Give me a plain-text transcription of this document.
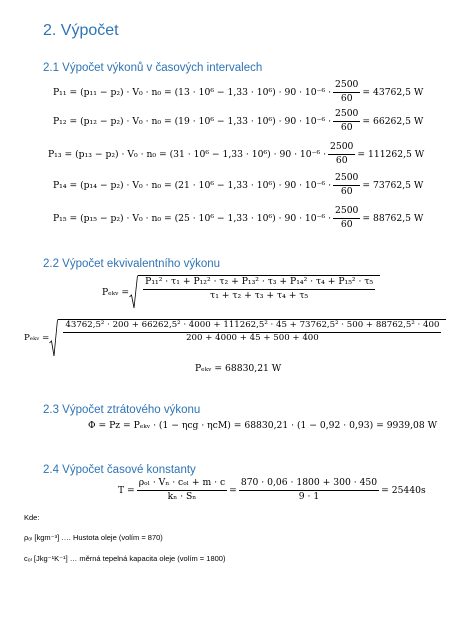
2. Výpočet
2.1 Výpočet výkonů v časových intervalech
$P_{11} = (p_{11} - p_2) \cdot V_0 \cdot n_0 = (13 \cdot 10^6 - 1,33 \cdot 10^6) \cdot 90 \cdot 10^{-6} \cdot \frac{2500}{60} = 43762,5$ W
$P_{12} = (p_{12} - p_2) \cdot V_0 \cdot n_0 = (19 \cdot 10^6 - 1,33 \cdot 10^6) \cdot 90 \cdot 10^{-6} \cdot \frac{2500}{60} = 66262,5$ W
$P_{13} = (p_{13} - p_2) \cdot V_0 \cdot n_0 = (31 \cdot 10^6 - 1,33 \cdot 10^6) \cdot 90 \cdot 10^{-6} \cdot \frac{2500}{60} = 111262,5$ W
$P_{14} = (p_{14} - p_2) \cdot V_0 \cdot n_0 = (21 \cdot 10^6 - 1,33 \cdot 10^6) \cdot 90 \cdot 10^{-6} \cdot \frac{2500}{60} = 73762,5$ W
$P_{15} = (p_{15} - p_2) \cdot V_0 \cdot n_0 = (25 \cdot 10^6 - 1,33 \cdot 10^6) \cdot 90 \cdot 10^{-6} \cdot \frac{2500}{60} = 88762,5$ W
2.2 Výpočet ekvivalentního výkonu
Pₑₖᵥ = $\frac{\text{P₁₁² · τ₁ + P₁₂² · τ₂ + P₁₃² · τ₃ + P₁₄² · τ₄ + P₁₅² · τ₅}}{\text{τ₁ + τ₂ + τ₃ + τ₄ + τ₅}}$
Pₑₖᵥ =
43762,5² · 200 + 66262,5² · 4000 + 111262,5² · 45 + 73762,5² · 500 + 88762,5² · 400
200 + 4000 + 45 + 500 + 400
Pₑₖᵥ = 68830,21 W
2.3 Výpočet ztrátového výkonu
Φ = Pz = Pₑₖᵥ · (1 − ηcg · ηcM) = 68830,21 · (1 − 0,92 · 0,93) = 9939,08 W
2.4 Výpočet časové konstanty
$T = \frac{\text{ρₒₗ · Vₙ · cₒₗ + m · c}}{\text{kₙ · Sₙ}} = \frac{870 \cdot 0,06 \cdot 1800 + 300 \cdot 450}{9 \cdot 1} = 25440s$
Kde:
ρₒₗ [kgm⁻³] …. Hustota oleje (volím = 870)
cₒₗ [Jkg⁻¹K⁻¹] … měrná tepelná kapacita oleje (volím = 1800)
